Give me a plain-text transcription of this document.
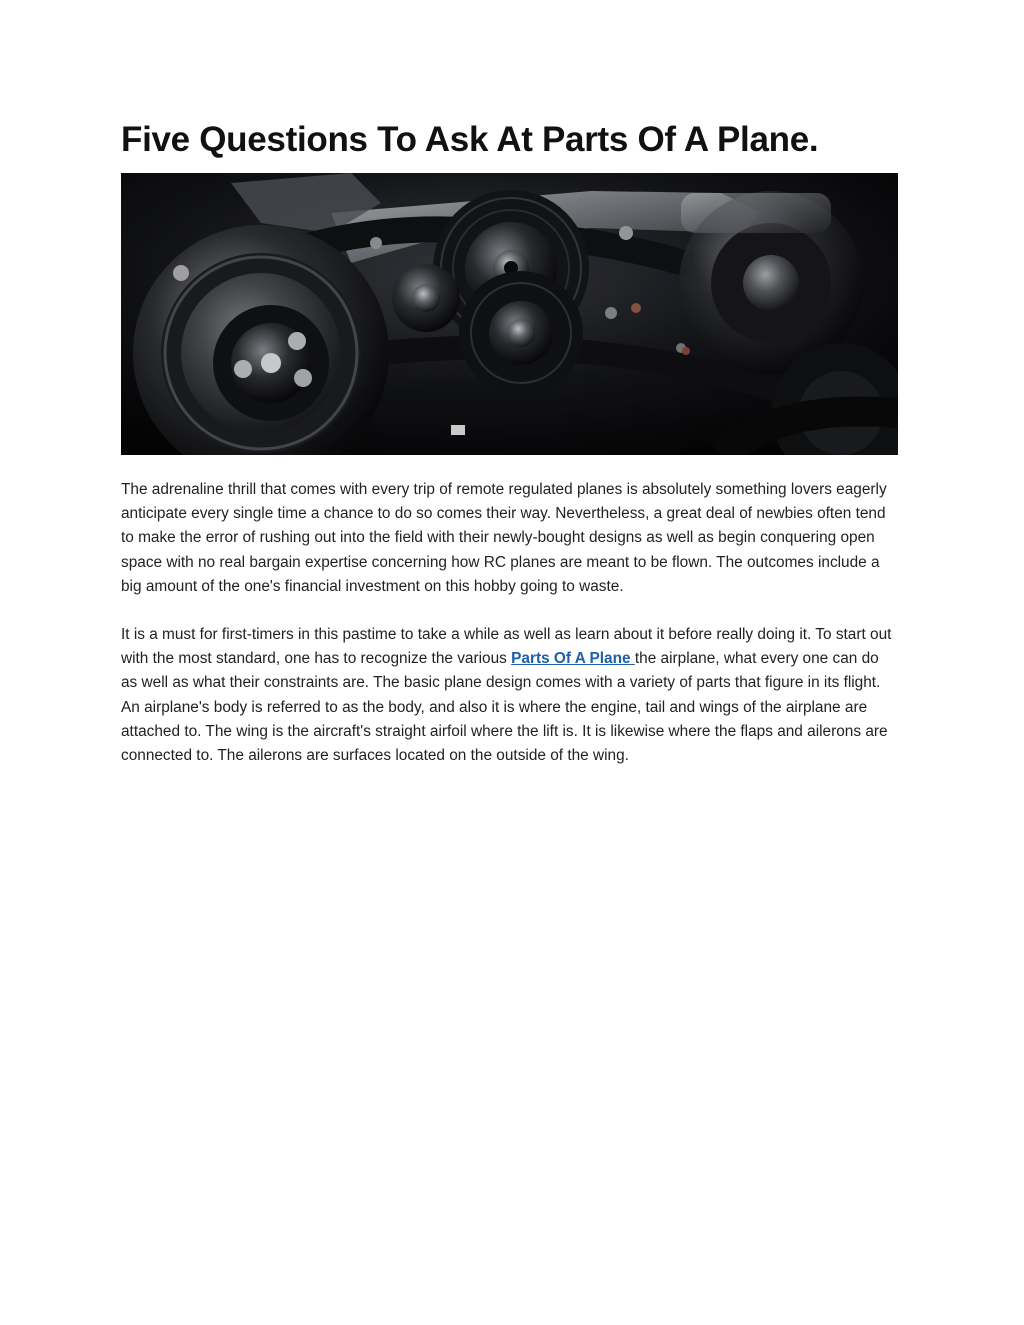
Five Questions To Ask At Parts Of A Plane.

The adrenaline thrill that comes with every trip of remote regulated planes is absolutely something lovers eagerly anticipate every single time a chance to do so comes their way. Nevertheless, a great deal of newbies often tend to make the error of rushing out into the field with their newly-bought designs as well as begin conquering open space with no real bargain expertise concerning how RC planes are meant to be flown. The outcomes include a big amount of the one's financial investment on this hobby going to waste.

It is a must for first-timers in this pastime to take a while as well as learn about it before really doing it. To start out with the most standard, one has to recognize the various Parts Of A Plane the airplane, what every one can do as well as what their constraints are. The basic plane design comes with a variety of parts that figure in its flight. An airplane's body is referred to as the body, and also it is where the engine, tail and wings of the airplane are attached to. The wing is the aircraft's straight airfoil where the lift is. It is likewise where the flaps and ailerons are connected to. The ailerons are surfaces located on the outside of the wing.
